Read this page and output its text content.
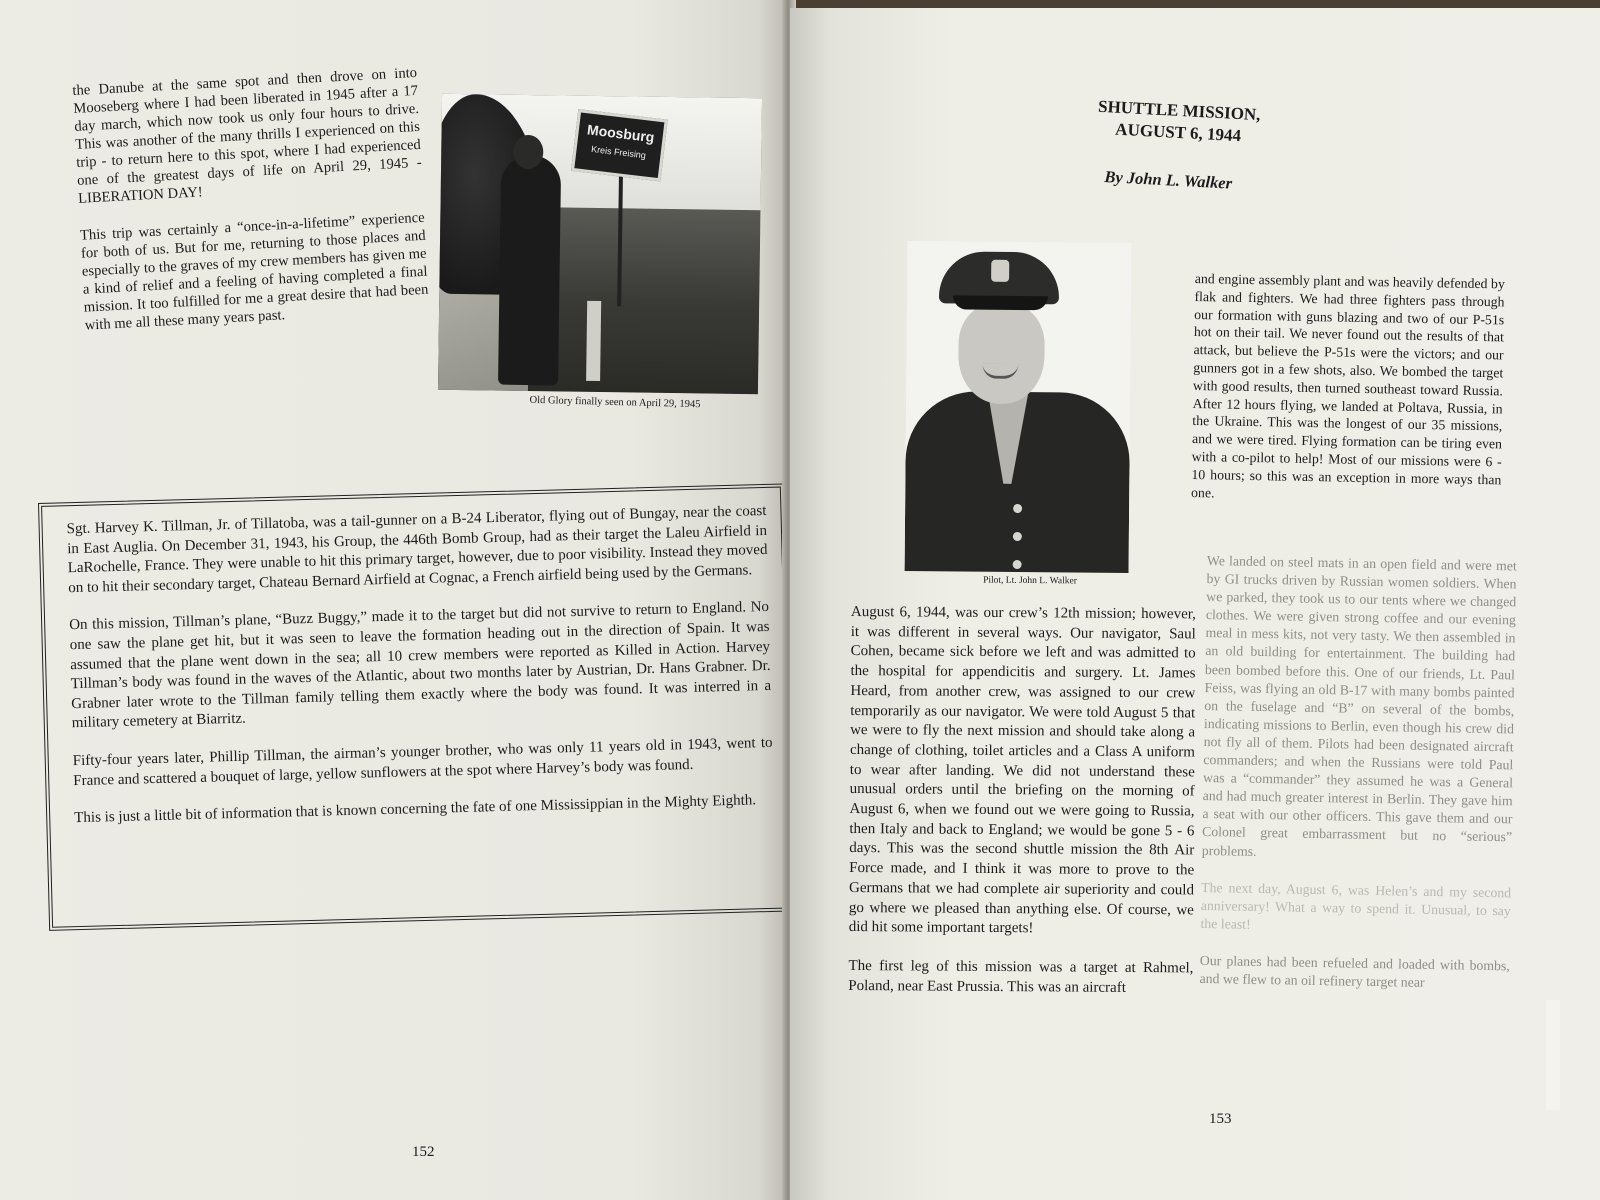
the Danube at the same spot and then drove on into Mooseberg where I had been liberated in 1945 after a 17 day march, which now took us only four hours to drive. This was another of the many thrills I experienced on this trip - to return here to this spot, where I had experienced one of the greatest days of life on April 29, 1945 - LIBERATION DAY!

This trip was certainly a “once-in-a-lifetime” experience for both of us. But for me, returning to those places and especially to the graves of my crew members has given me a kind of relief and a feeling of having completed a final mission. It too fulfilled for me a great desire that had been with me all these many years past.

Moosburg
Kreis Freising
Old Glory finally seen on April 29, 1945

Sgt. Harvey K. Tillman, Jr. of Tillatoba, was a tail-gunner on a B-24 Liberator, flying out of Bungay, near the coast in East Auglia. On December 31, 1943, his Group, the 446th Bomb Group, had as their target the Laleu Airfield in LaRochelle, France. They were unable to hit this primary target, however, due to poor visibility. Instead they moved on to hit their secondary target, Chateau Bernard Airfield at Cognac, a French airfield being used by the Germans.

On this mission, Tillman’s plane, “Buzz Buggy,” made it to the target but did not survive to return to England. No one saw the plane get hit, but it was seen to leave the formation heading out in the direction of Spain. It was assumed that the plane went down in the sea; all 10 crew members were reported as Killed in Action. Harvey Tillman’s body was found in the waves of the Atlantic, about two months later by Austrian, Dr. Hans Grabner. Dr. Grabner later wrote to the Tillman family telling them exactly where the body was found. It was interred in a military cemetery at Biarritz.

Fifty-four years later, Phillip Tillman, the airman’s younger brother, who was only 11 years old in 1943, went to France and scattered a bouquet of large, yellow sunflowers at the spot where Harvey’s body was found.

This is just a little bit of information that is known concerning the fate of one Mississippian in the Mighty Eighth.

152
SHUTTLE MISSION,
AUGUST 6, 1944
By John L. Walker
Pilot, Lt. John L. Walker

August 6, 1944, was our crew’s 12th mission; however, it was different in several ways. Our navigator, Saul Cohen, became sick before we left and was admitted to the hospital for appendicitis and surgery. Lt. James Heard, from another crew, was assigned to our crew temporarily as our navigator. We were told August 5 that we were to fly the next mission and should take along a change of clothing, toilet articles and a Class A uniform to wear after landing. We did not understand these unusual orders until the briefing on the morning of August 6, when we found out we were going to Russia, then Italy and back to England; we would be gone 5 - 6 days. This was the second shuttle mission the 8th Air Force made, and I think it was more to prove to the Germans that we had complete air superiority and could go where we pleased than anything else. Of course, we did hit some important targets!

The first leg of this mission was a target at Rahmel, Poland, near East Prussia. This was an aircraft

and engine assembly plant and was heavily defended by flak and fighters. We had three fighters pass through our formation with guns blazing and two of our P-51s hot on their tail. We never found out the results of that attack, but believe the P-51s were the victors; and our gunners got in a few shots, also. We bombed the target with good results, then turned southeast toward Russia. After 12 hours flying, we landed at Poltava, Russia, in the Ukraine. This was the longest of our 35 missions, and we were tired. Flying formation can be tiring even with a co-pilot to help! Most of our missions were 6 - 10 hours; so this was an exception in more ways than one.

We landed on steel mats in an open field and were met by GI trucks driven by Russian women soldiers. When we parked, they took us to our tents where we changed clothes. We were given strong coffee and our evening meal in mess kits, not very tasty. We then assembled in an old building for entertainment. The building had been bombed before this. One of our friends, Lt. Paul Feiss, was flying an old B-17 with many bombs painted on the fuselage and “B” on several of the bombs, indicating missions to Berlin, even though his crew did not fly all of them. Pilots had been designated aircraft commanders; and when the Russians were told Paul was a “commander” they assumed he was a General and had much greater interest in Berlin. They gave him a seat with our other officers. This gave them and our Colonel great embarrassment but no “serious” problems.

The next day, August 6, was Helen’s and my second anniversary! What a way to spend it. Unusual, to say the least!

Our planes had been refueled and loaded with bombs, and we flew to an oil refinery target near

153
